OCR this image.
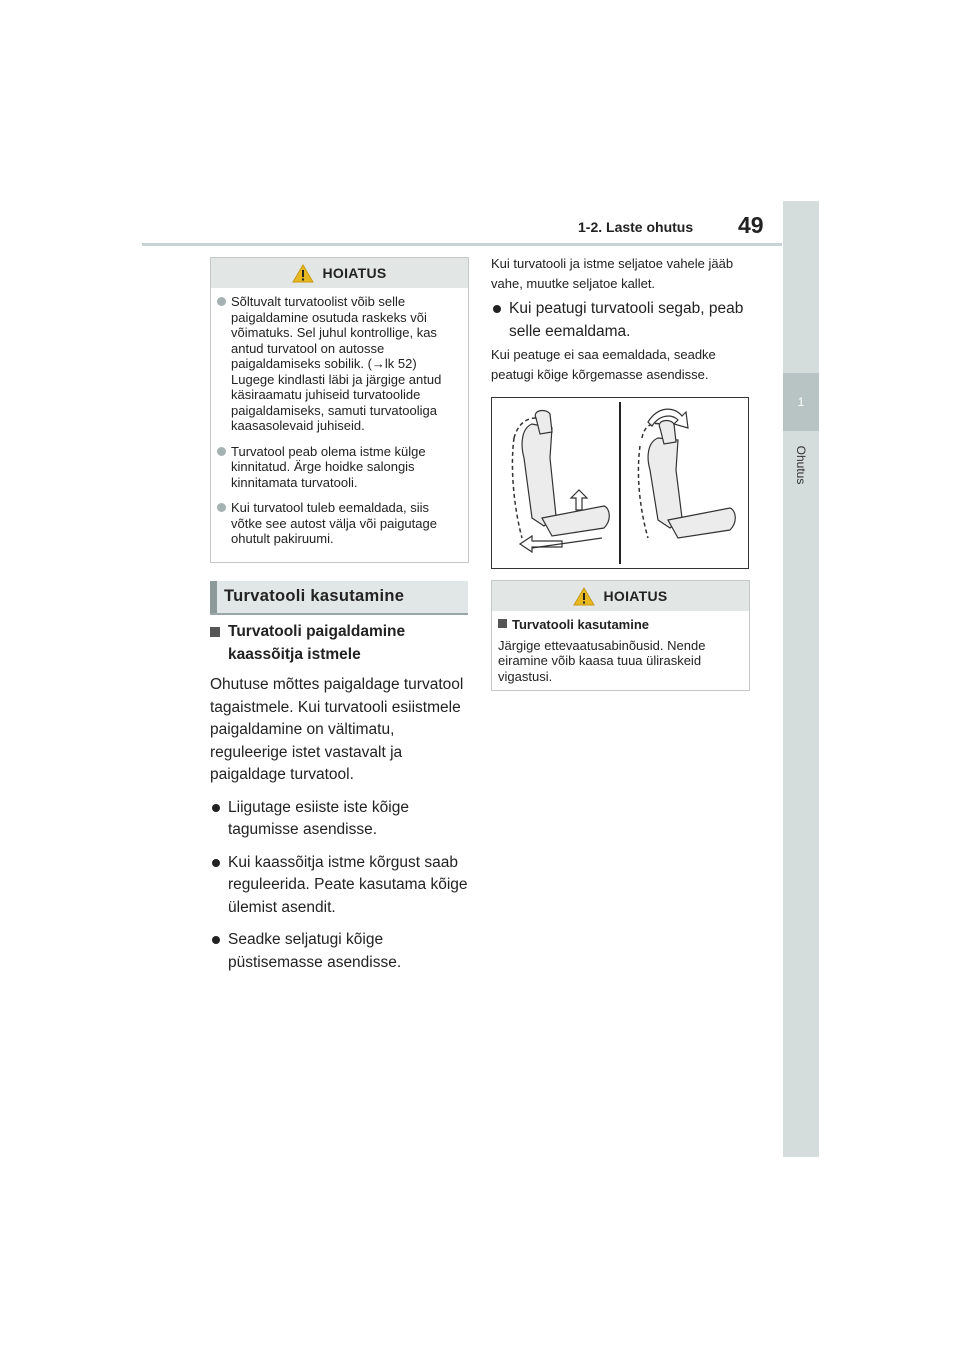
1-2. Laste ohutus 49
1
Ohutus
HOIATUS
Sõltuvalt turvatoolist võib selle paigaldamine osutuda raskeks või võimatuks. Sel juhul kontrollige, kas antud turvatool on autosse paigaldamiseks sobilik. (→lk 52) Lugege kindlasti läbi ja järgige antud käsiraamatu juhiseid turvatoolide paigaldamiseks, samuti turvatooliga kaasasolevaid juhiseid.
Turvatool peab olema istme külge kinnitatud. Ärge hoidke salongis kinnitamata turvatooli.
Kui turvatool tuleb eemaldada, siis võtke see autost välja või paigutage ohutult pakiruumi.
Turvatooli kasutamine
Turvatooli paigaldamine kaassõitja istmele
Ohutuse mõttes paigaldage turvatool tagaistmele. Kui turvatooli esiistmele paigaldamine on vältimatu, reguleerige istet vastavalt ja paigaldage turvatool.
Liigutage esiiste iste kõige tagumisse asendisse.
Kui kaassõitja istme kõrgust saab reguleerida. Peate kasutama kõige ülemist asendit.
Seadke seljatugi kõige püstisemasse asendisse.
Kui turvatooli ja istme seljatoe vahele jääb vahe, muutke seljatoe kallet.
Kui peatugi turvatooli segab, peab selle eemaldama.
Kui peatuge ei saa eemaldada, seadke peatugi kõige kõrgemasse asendisse.
HOIATUS
Turvatooli kasutamine
Järgige ettevaatusabinõusid. Nende eiramine võib kaasa tuua üliraskeid vigastusi.
